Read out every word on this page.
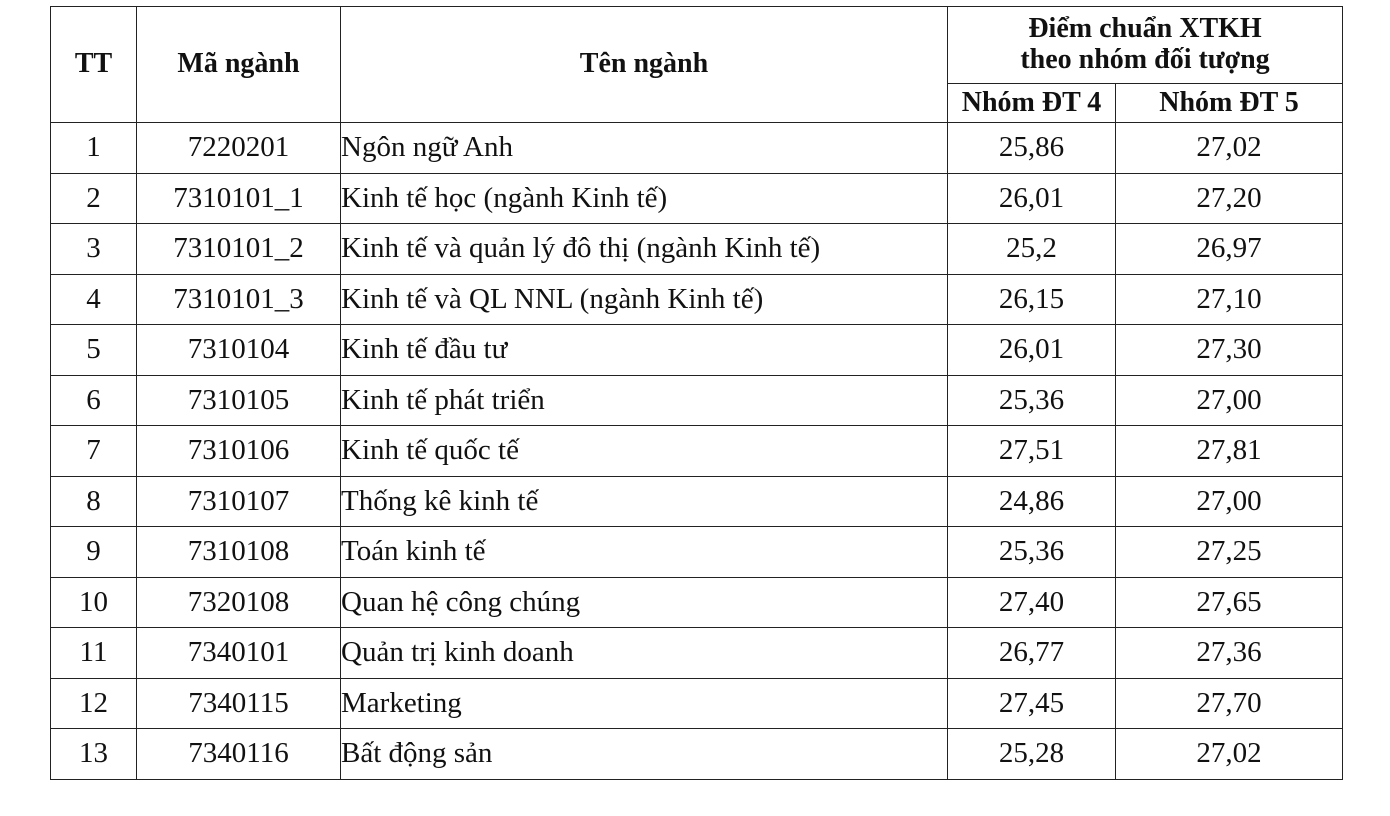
TT	Mã ngành	Tên ngành	Điểm chuẩn XTKH
theo nhóm đối tượng	

			Nhóm ĐT 4	Nhóm ĐT 5
1	7220201	Ngôn ngữ Anh	25,86	27,02
2	7310101_1	Kinh tế học (ngành Kinh tế)	26,01	27,20
3	7310101_2	Kinh tế và quản lý đô thị (ngành Kinh tế)	25,2	26,97
4	7310101_3	Kinh tế và QL NNL (ngành Kinh tế)	26,15	27,10
5	7310104	Kinh tế đầu tư	26,01	27,30
6	7310105	Kinh tế phát triển	25,36	27,00
7	7310106	Kinh tế quốc tế	27,51	27,81
8	7310107	Thống kê kinh tế	24,86	27,00
9	7310108	Toán kinh tế	25,36	27,25
10	7320108	Quan hệ công chúng	27,40	27,65
11	7340101	Quản trị kinh doanh	26,77	27,36
12	7340115	Marketing	27,45	27,70
13	7340116	Bất động sản	25,28	27,02
